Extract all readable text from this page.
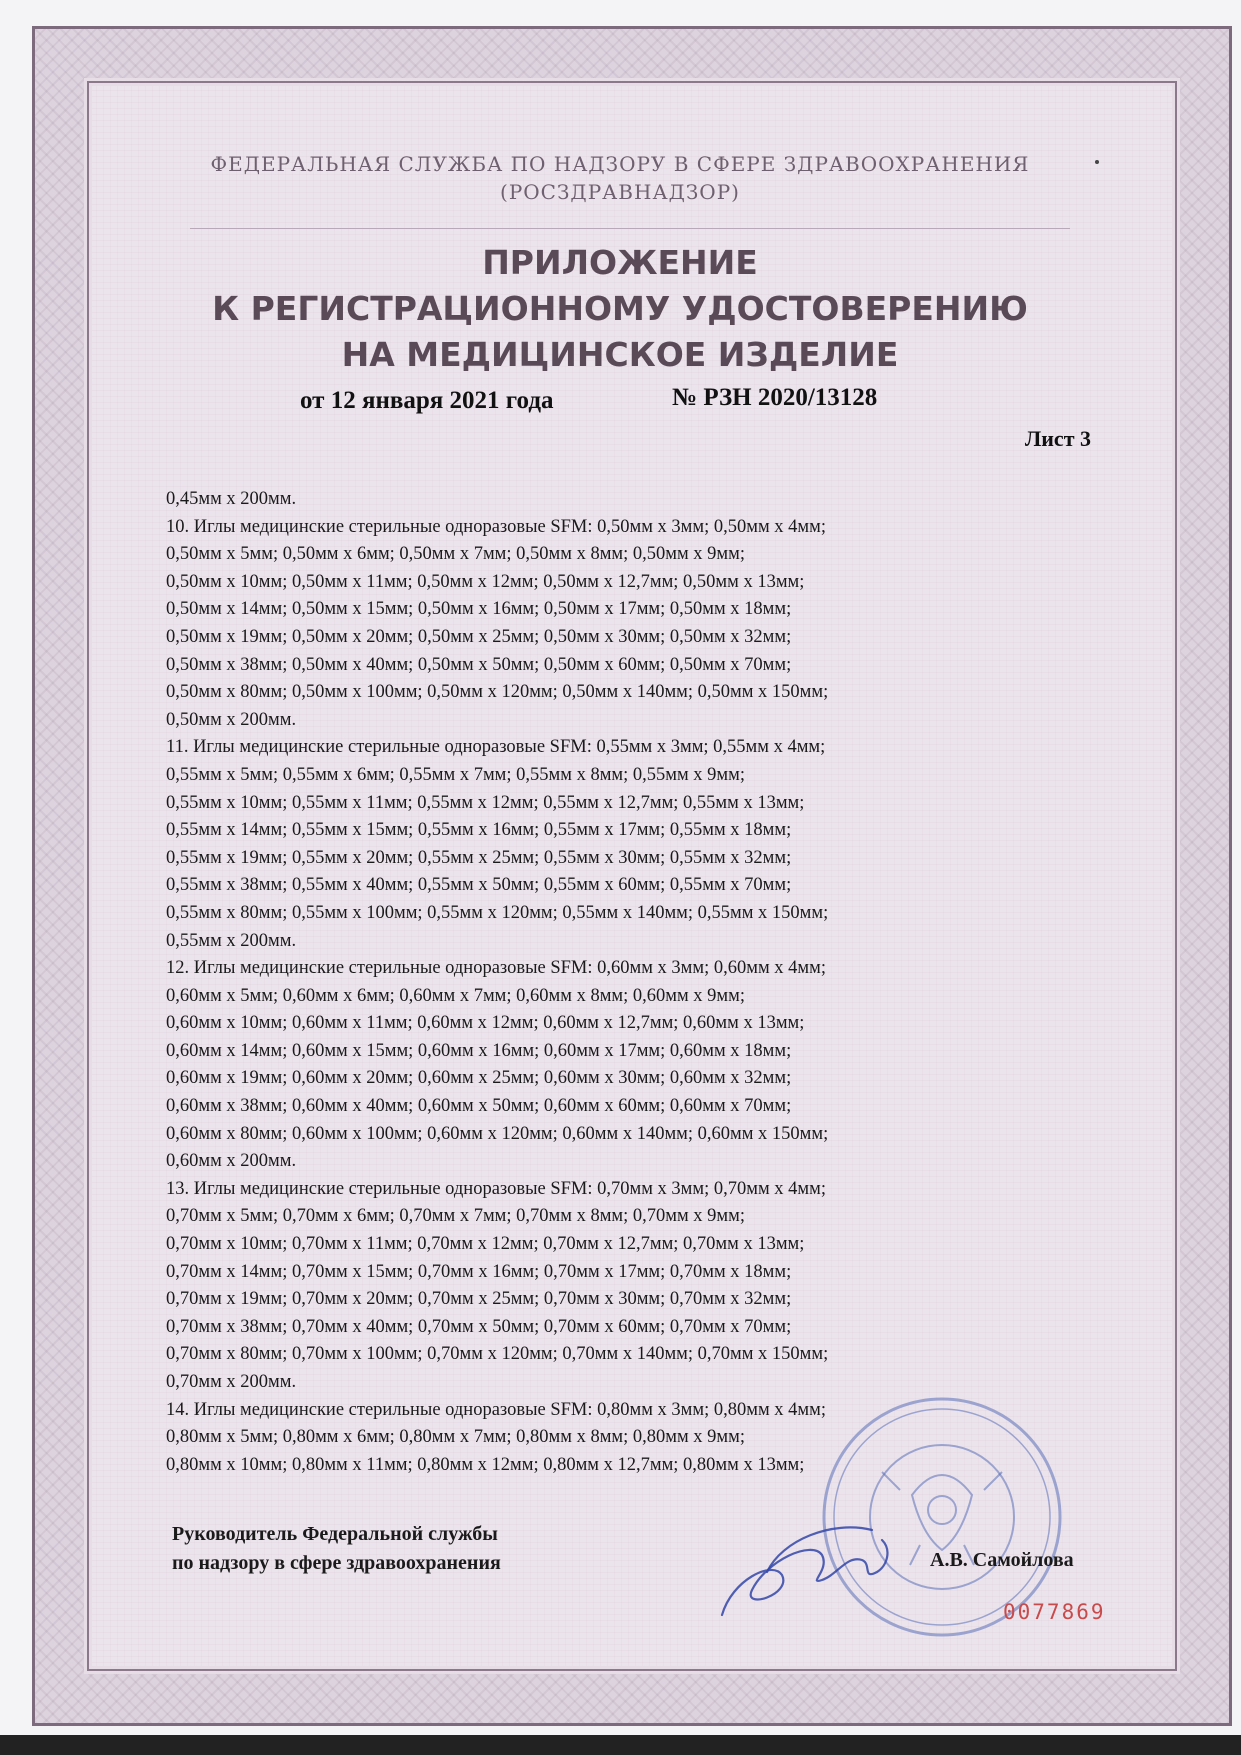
ФЕДЕРАЛЬНАЯ СЛУЖБА ПО НАДЗОРУ В СФЕРЕ ЗДРАВООХРАНЕНИЯ
(РОСЗДРАВНАДЗОР)
ПРИЛОЖЕНИЕ
К РЕГИСТРАЦИОННОМУ УДОСТОВЕРЕНИЮ
НА МЕДИЦИНСКОЕ ИЗДЕЛИЕ
от 12 января 2021 года	№ РЗН 2020/13128
Лист 3

0,45мм x 200мм.

10. Иглы медицинские стерильные одноразовые SFM: 0,50мм x 3мм; 0,50мм x 4мм;

0,50мм x 5мм; 0,50мм x 6мм; 0,50мм x 7мм; 0,50мм x 8мм; 0,50мм x 9мм;

0,50мм x 10мм; 0,50мм x 11мм; 0,50мм x 12мм; 0,50мм x 12,7мм; 0,50мм x 13мм;

0,50мм x 14мм; 0,50мм x 15мм; 0,50мм x 16мм; 0,50мм x 17мм; 0,50мм x 18мм;

0,50мм x 19мм; 0,50мм x 20мм; 0,50мм x 25мм; 0,50мм x 30мм; 0,50мм x 32мм;

0,50мм x 38мм; 0,50мм x 40мм; 0,50мм x 50мм; 0,50мм x 60мм; 0,50мм x 70мм;

0,50мм x 80мм; 0,50мм x 100мм; 0,50мм x 120мм; 0,50мм x 140мм; 0,50мм x 150мм;

0,50мм x 200мм.

11. Иглы медицинские стерильные одноразовые SFM: 0,55мм x 3мм; 0,55мм x 4мм;

0,55мм x 5мм; 0,55мм x 6мм; 0,55мм x 7мм; 0,55мм x 8мм; 0,55мм x 9мм;

0,55мм x 10мм; 0,55мм x 11мм; 0,55мм x 12мм; 0,55мм x 12,7мм; 0,55мм x 13мм;

0,55мм x 14мм; 0,55мм x 15мм; 0,55мм x 16мм; 0,55мм x 17мм; 0,55мм x 18мм;

0,55мм x 19мм; 0,55мм x 20мм; 0,55мм x 25мм; 0,55мм x 30мм; 0,55мм x 32мм;

0,55мм x 38мм; 0,55мм x 40мм; 0,55мм x 50мм; 0,55мм x 60мм; 0,55мм x 70мм;

0,55мм x 80мм; 0,55мм x 100мм; 0,55мм x 120мм; 0,55мм x 140мм; 0,55мм x 150мм;

0,55мм x 200мм.

12. Иглы медицинские стерильные одноразовые SFM: 0,60мм x 3мм; 0,60мм x 4мм;

0,60мм x 5мм; 0,60мм x 6мм; 0,60мм x 7мм; 0,60мм x 8мм; 0,60мм x 9мм;

0,60мм x 10мм; 0,60мм x 11мм; 0,60мм x 12мм; 0,60мм x 12,7мм; 0,60мм x 13мм;

0,60мм x 14мм; 0,60мм x 15мм; 0,60мм x 16мм; 0,60мм x 17мм; 0,60мм x 18мм;

0,60мм x 19мм; 0,60мм x 20мм; 0,60мм x 25мм; 0,60мм x 30мм; 0,60мм x 32мм;

0,60мм x 38мм; 0,60мм x 40мм; 0,60мм x 50мм; 0,60мм x 60мм; 0,60мм x 70мм;

0,60мм x 80мм; 0,60мм x 100мм; 0,60мм x 120мм; 0,60мм x 140мм; 0,60мм x 150мм;

0,60мм x 200мм.

13. Иглы медицинские стерильные одноразовые SFM: 0,70мм x 3мм; 0,70мм x 4мм;

0,70мм x 5мм; 0,70мм x 6мм; 0,70мм x 7мм; 0,70мм x 8мм; 0,70мм x 9мм;

0,70мм x 10мм; 0,70мм x 11мм; 0,70мм x 12мм; 0,70мм x 12,7мм; 0,70мм x 13мм;

0,70мм x 14мм; 0,70мм x 15мм; 0,70мм x 16мм; 0,70мм x 17мм; 0,70мм x 18мм;

0,70мм x 19мм; 0,70мм x 20мм; 0,70мм x 25мм; 0,70мм x 30мм; 0,70мм x 32мм;

0,70мм x 38мм; 0,70мм x 40мм; 0,70мм x 50мм; 0,70мм x 60мм; 0,70мм x 70мм;

0,70мм x 80мм; 0,70мм x 100мм; 0,70мм x 120мм; 0,70мм x 140мм; 0,70мм x 150мм;

0,70мм x 200мм.

14. Иглы медицинские стерильные одноразовые SFM: 0,80мм x 3мм; 0,80мм x 4мм;

0,80мм x 5мм; 0,80мм x 6мм; 0,80мм x 7мм; 0,80мм x 8мм; 0,80мм x 9мм;

0,80мм x 10мм; 0,80мм x 11мм; 0,80мм x 12мм; 0,80мм x 12,7мм; 0,80мм x 13мм;

Руководитель Федеральной службы
по надзору в сфере здравоохранения	А.В. Самойлова
0077869
